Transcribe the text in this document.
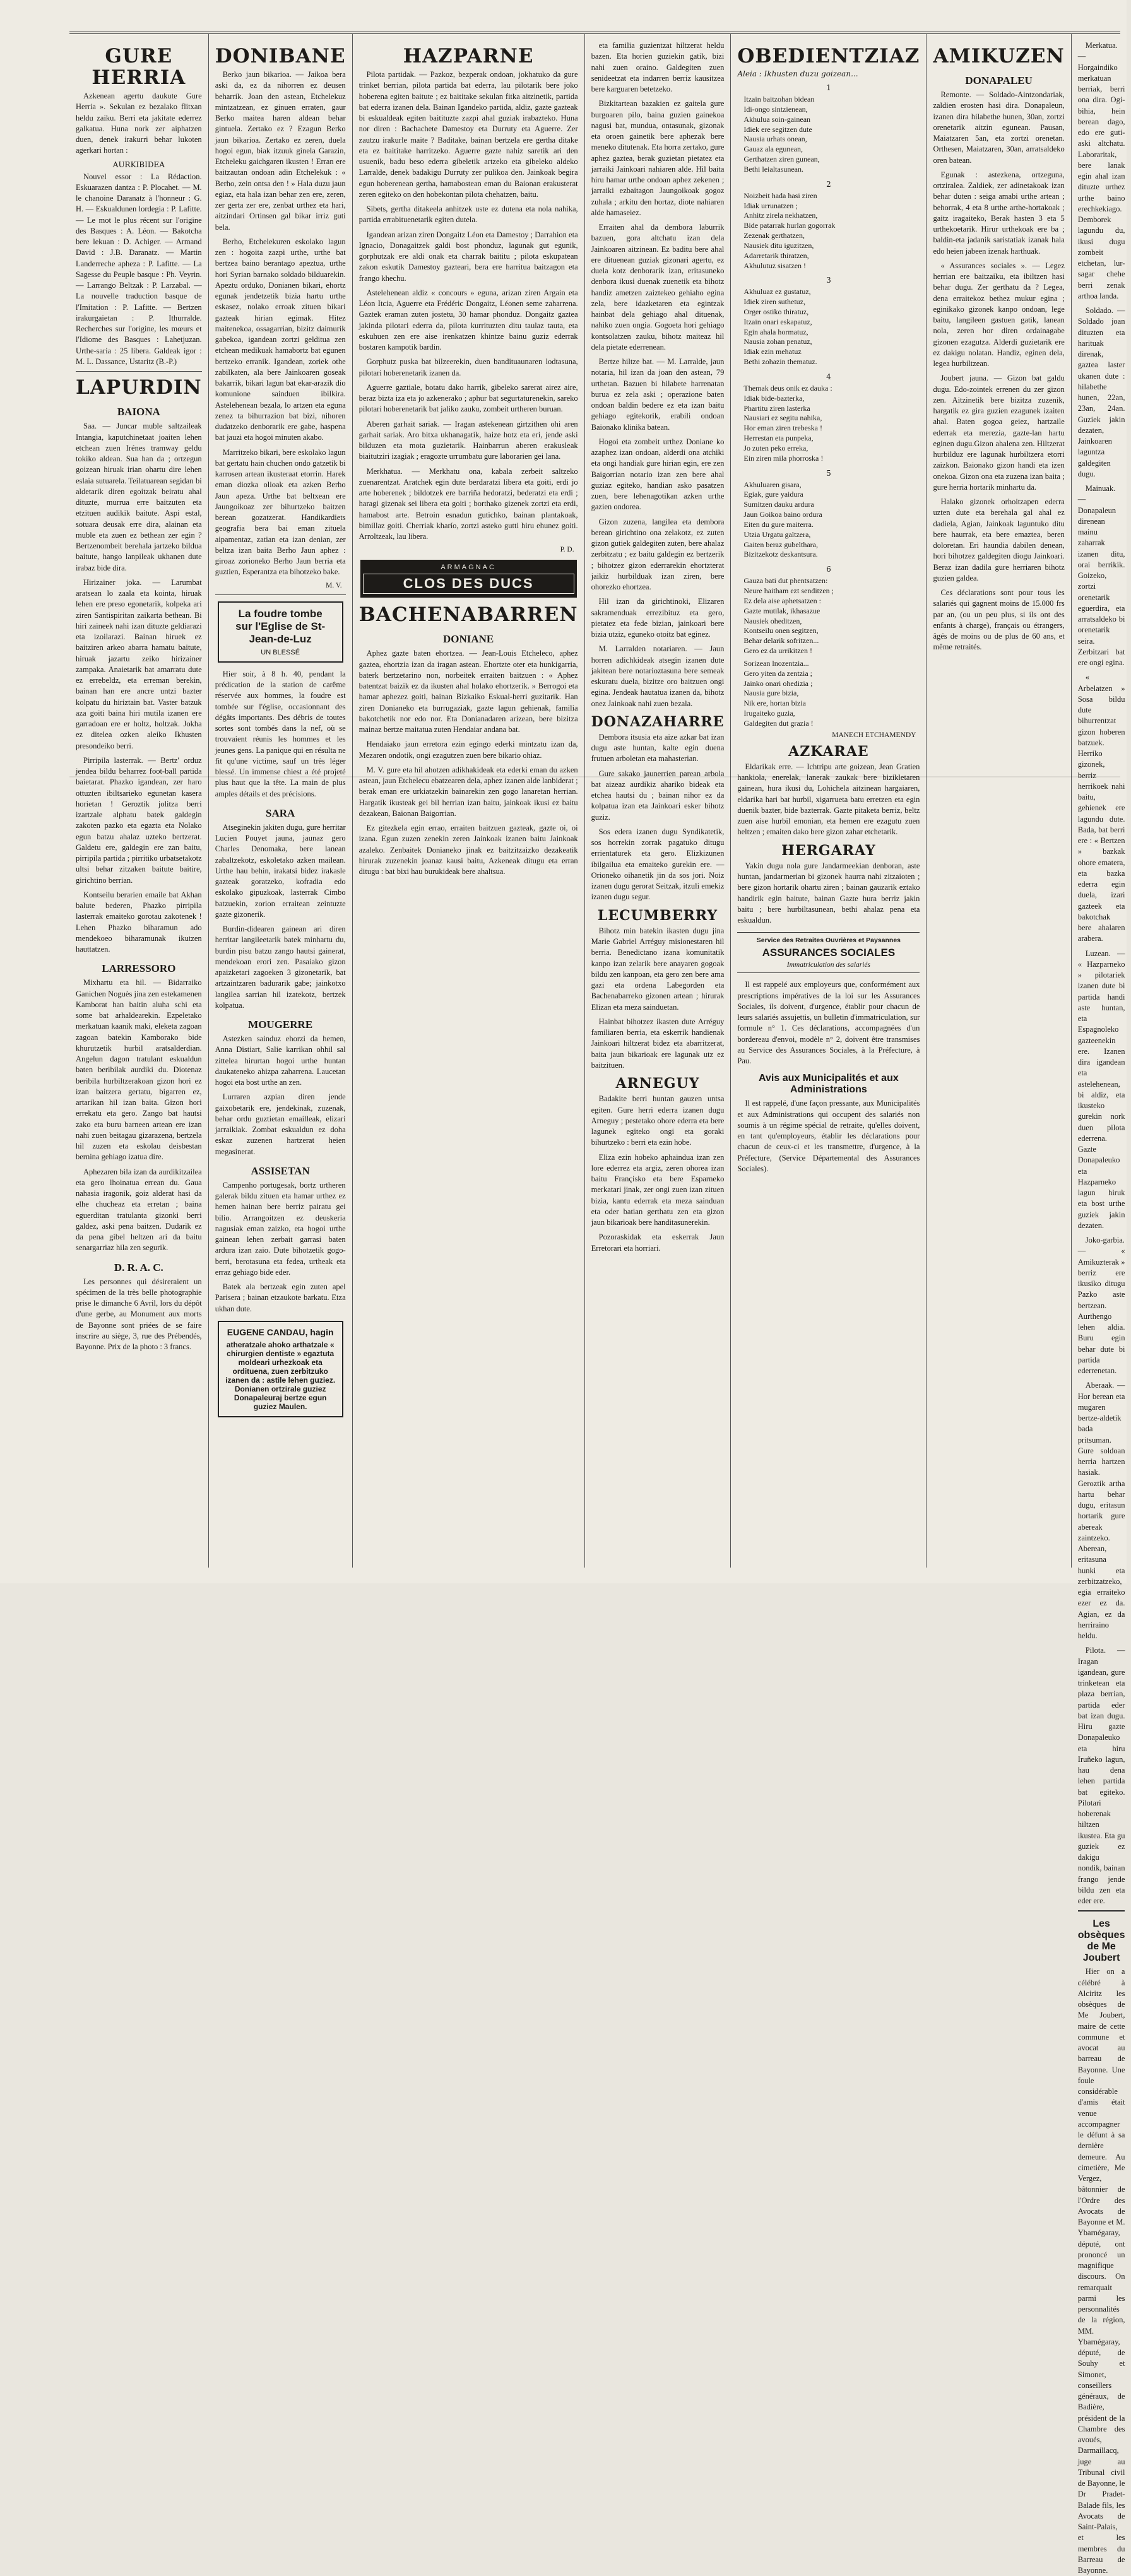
GURE HERRIA

Azkenean agertu daukute Gure Herria ». Sekulan ez bezalako flitxan heldu zaiku. Berri eta jakitate ederrez galkatua. Huna nork zer aiphatzen duen, denek irakurri behar lukoten agerkari hortan :

AURKIBIDEA

Nouvel essor : La Rédaction. Eskuarazen dantza : P. Plocahet. — M. le chanoine Daranatz à l'honneur : G. H. — Eskualdunen lordegia : P. Lafitte. — Le mot le plus récent sur l'origine des Basques : A. Léon. — Bakotcha bere lekuan : D. Achiger. — Armand David : J.B. Daranatz. — Martin Landerreche apheza : P. Lafitte. — La Sagesse du Peuple basque : Ph. Veyrin. — Larrango Beltzak : P. Larzabal. — La nouvelle traduction basque de l'Imitation : P. Lafitte. — Bertzen irakurgaietan : P. Ithurralde. Recherches sur l'origine, les mœurs et l'Idiome des Basques : Lahetjuzan. Urthe-saria : 25 libera. Galdeak igor : M. L. Dassance, Ustaritz (B.-P.)

LAPURDIN
BAIONA

Saa. — Juncar muble saltzaileak Intangia, kaputchinetaat joaiten lehen etchean zuen Irénes tramway geldu tokiko aldean. Sua han da ; ortzegun goizean hiruak irian ohartu dire lehen eslaia sutuarela. Teilatuarean segidan bi aldetarik diren egoitzak beiratu ahal dituzte, murrua erre baitzuten eta etzituen audikik baitute. Aspi estal, sotuara deusak erre dira, alainan eta muble eta zuen ez bethean zer egin ? Bertzenombeit berehala jartzeko bildua baitute, hango lanpileak ukhanen dute irabaz bide dira.

Hirizainer joka. — Larumbat aratsean lo zaala eta kointa, hiruak lehen ere preso egonetarik, kolpeka ari ziren Santispiritan zaikarta bethean. Bi hiri zaineek nahi izan dituzte geldiarazi eta izoilarazi. Bainan hiruek ez baitziren arkeo abarra hamatu baitute, hiruak jazartu zeiko hirizainer zampaka. Anaietarik bat amarratu dute ez errebeldz, eta erreman berekin, bainan han ere ancre untzi bazter kolpatu du hiriztain bat. Vaster batzuk aza goiti baina hiri mutila izanen ere garradoan ere er holtz, holtzak. Jokha ez ditelea ozken aleiko Ikhusten presondeiko berri.

Pirripila lasterrak. — Bertz' orduz jendea bildu beharrez foot-ball partida baietarat. Phazko igandean, zer haro ottuzten ibiltsarieko egunetan kasera horietan ! Geroztik jolitza berri izartzale alphatu batek galdegin zakoten pazko eta egazta eta Nolako egun batzu ahalaz uzteko bertzerat. Galdetu ere, galdegin ere zan baitu, pirripila partida ; pirritiko urbatsetakotz ultsi behar zitzaken baitute baitire, girichtino berrian.

Kontseilu berarien emaile bat Akhan balute bederen, Phazko pirripila lasterrak emaiteko gorotau zakotenek ! Lehen Phazko biharamun ado mendekoeo biharamunak ikutzen hauttatzen.

LARRESSORO

Mixhartu eta hil. — Bidarraiko Ganichen Noguès jina zen estekamenen Kamborat han baitin aluha schi eta some bat arhaldearekin. Ezpeletako merkatuan kaanik maki, eleketa zagoan zagoan batekin Kamborako bide khurutzetik hurbil aratsalderdian. Angelun dagon tratulant eskualdun baten beribilak aurdiki du. Diotenaz beribila hurbiltzerakoan gizon hori ez izan baitzera gertatu, bigarren ez, artarikan hil izan baita. Gizon hori errekatu eta gero. Zango bat hautsi zako eta buru barneen artean ere izan nahi zuen beitagau gizarazena, bertzela hil zuzen eta eskolau deisbestan bernina gehiago izatua dire.

Aphezaren bila izan da aurdikitzailea eta gero lhoinatua errean du. Gaua nahasia iragonik, goiz alderat hasi da elhe chucheaz eta erretan ; baina eguerditan tratulanta gizonki berri galdez, aski pena baitzen. Dudarik ez da pena gibel heltzen ari da baitu senargarriaz hila zen segurik.

D. R. A. C.

Les personnes qui désireraient un spécimen de la très belle photographie prise le dimanche 6 Avril, lors du dépôt d'une gerbe, au Monument aux morts de Bayonne sont priées de se faire inscrire au siège, 3, rue des Prébendés, Bayonne. Prix de la photo : 3 francs.

DONIBANE

Berko jaun bikarioa. — Jaikoa bera aski da, ez da nihorren ez deusen beharrik. Joan den astean, Etchelekuz mintzatzean, ez ginuen erraten, gaur Berko maitea haren aldean behar gintuela. Zertako ez ? Ezagun Berko jaun bikarioa. Zertako ez zeren, duela hogoi egun, biak itzuuk ginela Garazin, Etcheleku gaichgaren ikusten ! Erran ere baitzautan ondoan adin Etchelekuk : « Berho, zein ontsa den ! » Hala duzu jaun egiaz, eta hala izan behar zen ere, zeren, zer gerta zer ere, zenbat urthez eta hari, aitzindari Ortinsen gal bikar irriz guti bela.

Berho, Etchelekuren eskolako lagun zen : hogoita zazpi urthe, urthe bat bertzea baino berantago apeztua, urthe hori Syrian barnako soldado bilduarekin. Apeztu orduko, Donianen bikari, ehortz egunak jendetzetik bizia hartu urthe eskasez, nolako erroak zituen bikari gazteak hirian egimak. Hitez maitenekoa, ossagarrian, bizitz daimurik gabekoa, igandean zortzi gelditua zen etchean medikuak hamabortz bat egunen bertzeko erranik. Igandean, zoriek othe zabilkaten, ala bere Jainkoaren goseak bakarrik, bikari lagun bat ekar-arazik dio komunione sainduen ibilkira. Astelehenean bezala, lo artzen eta eguna zenez ta bihurrazion bat bizi, nihoren dudatzeko denborarik ere gabe, haspena bat jauzi eta hogoi minuten akabo.

Marritzeko bikari, bere eskolako lagun bat gertatu hain chuchen ondo gatzetik bi karrosen artean ikusteraat etorrin. Harek eman diozka olioak eta azken Berho Jaun apeza. Urthe bat beltxean ere Jaungoikoaz zer bihurtzeko baitzen berean gozatzerat. Handikardiets geografia bera bai eman zituela aipamentaz, zatian eta izan denian, zer beltza izan baita Berho Jaun aphez : giroaz zorioneko Berho Jaun berria eta guztien, Esperantza eta bihotzeko bake.

M. V.
La foudre tombe
sur l'Eglise de St-Jean-de-Luz
UN BLESSÉ

Hier soir, à 8 h. 40, pendant la prédication de la station de carême réservée aux hommes, la foudre est tombée sur l'église, occasionnant des dégâts importants. Des débris de toutes sortes sont tombés dans la nef, où se trouvaient réunis les hommes et les jeunes gens. La panique qui en résulta ne fit qu'une victime, sauf un très léger blessé. Un immense chiest a été projeté plus haut que la tête. La main de plus amples détails et des précisions.

SARA

Atseginekin jakiten dugu, gure herritar Lucien Pouyet jauna, jaunaz gero Charles Denomaka, bere lanean zabaltzekotz, eskoletako azken mailean. Urthe hau behin, irakatsi bidez irakasle gazteak goratzeko, kofradia edo eskolako gipuzkoak, lasterrak Cimbo batzuekin, zorion erraitean zeintuzte gazte gizonerik.

Burdin-didearen gainean ari diren herritar langileetarik batek minhartu du, burdin pisu batzu zango hautsi gainerat, mendekoan erori zen. Pasaiako gizon apaizketari zagoeken 3 gizonetarik, bat artzaintzaren badurarik gabe; jainkotxo langilea sarrian hil izatekotz, bertzek kolpatua.

MOUGERRE

Astezken sainduz ehorzi da hemen, Anna Distiart, Salie karrikan ohhil sal zittelea hirurtan hogoi urthe huntan daukateneko ahizpa zaharrena. Laucetan hogoi eta bost urthe an zen.

Lurraren azpian diren jende gaixobetarik ere, jendekinak, zuzenak, behar ordu guztietan emailleak, elizari jarraikiak. Zombat eskualdun ez doha eskaz zuzenen hartzerat heien megasinerat.

ASSISETAN

Campenho portugesak, bortz urtheren galerak bildu zituen eta hamar urthez ez hemen hainan bere berriz pairatu gei bilio. Arrangoitzen ez deuskeria nagusiak eman zaizko, eta hogoi urthe gainean lehen zerbait garrasi baten ardura izan zaio. Dute bihotzetik gogo-berri, berotasuna eta fedea, urtheak eta erraz gehiago bide eder.

Batek ala bertzeak egin zuten apel Parisera ; bainan etzaukote barkatu. Etza ukhan dute.

EUGENE CANDAU, hagin
atheratzale ahoko arthatzale « chirurgien dentiste » egaztuta moldeari urhezkoak eta ordituena, zuen zerbitzuko izanen da : astile lehen guziez. Donianen ortzirale guziez Donapaleuraj bertze egun guziez Maulen.
HAZPARNE

Pilota partidak. — Pazkoz, bezperak ondoan, jokhatuko da gure trinket berrian, pilota partida bat ederra, lau pilotarik bere joko hoberena egiten baitute ; ez baititake sekulan fitka aitzinetik, partida bat ederra izanen dela. Bainan Igandeko partida, aldiz, gazte gazteak bi eskualdeak egiten baitituzte zazpi ahal guziak irabazteko. Huna nor diren : Bachachete Damestoy eta Durruty eta Aguerre. Zer zautzu irakurle maite ? Baditake, bainan bertzela ere gertha ditake eta ez baititake harritzeko. Aguerre gazte nahiz saretik ari den usuenik, badu beso ederra gibeletik artzeko eta gibeleko aldeko Larralde, denek badakigu Durruty zer pulikoa den. Jainkoak begira egun hoberenean gertha, hamabostean eman du Baionan erakusterat zeren egiteko on den hobekontan pilota chehatzen, baitu.

Sibets, gertha ditakeela anhitzek uste ez dutena eta nola nahika, partida errabituenetarik egiten dutela.

Igandean arizan ziren Dongaitz Léon eta Damestoy ; Darrahion eta Ignacio, Donagaitzek galdi bost phonduz, lagunak gut egunik, gorphutzak ere aldi onak eta charrak baititu ; pilota eskupatean zakon eskutik Damestoy gazteari, bera ere harritua baitzagon eta frango khechu.

Astelehenean aldiz « concours » eguna, arizan ziren Argain eta Léon Itcia, Aguerre eta Frédéric Dongaitz, Léonen seme zaharrena. Gaztek eraman zuten jostetu, 30 hamar phonduz. Dongaitz gaztea jakinda pilotari ederra da, pilota kurrituzten ditu taulaz tauta, eta eskuhuen zen ere aise irenkatzen khintze bainu guziz ederrak bostaren kampotik bardin.

Gorphutz puska bat bilzeerekin, duen bandituaunaren lodtasuna, pilotari hoberenetarik izanen da.

Aguerre gaztiale, botatu dako harrik, gibeleko sarerat airez aire, beraz bizta iza eta jo azkenerako ; aphur bat segurtaturenekin, sareko pilotari hoberenetarik bat jaliko zauku, zombeit urtheren buruan.

Aberen garhait sariak. — Iragan astekenean girtzithen ohi aren garhait sariak. Aro bitxa ukhanagatik, haize hotz eta eri, jende aski bilduzen eta mota guzietarik. Hainbarrun aberen erakusleak biaitutziri izagiak ; eragozte urrumbatu gure laborarien gei lana.

Merkhatua. — Merkhatu ona, kabala zerbeit saltzeko zuenarentzat. Aratchek egin dute berdaratzi libera eta goiti, erdi jo arte hoberenek ; bildotzek ere barriña hedoratzi, bederatzi eta erdi ; haragi gizenak sei libera eta goiti ; borthako gizenek zortzi eta erdi, hamabost arte. Betroin esnadun gutichko, bainan plantakoak, bimillaz goiti. Cherriak kharío, zortzi asteko gutti hiru ehunez goiti. Arroltzeak, lau libera.

P. D.
ARMAGNAC
CLOS DES DUCS
BACHENABARREN
DONIANE

Aphez gazte baten ehortzea. — Jean-Louis Etcheleco, aphez gaztea, ehortzia izan da iragan astean. Ehortzte oter eta hunkigarria, baterk bertzetarino non, norbeitek erraiten baitzuen : « Aphez batentzat baizik ez da ikusten ahal holako ehortzerik. » Berrogoi eta hamar aphezez goiti, bainan Bizkaiko Eskual-herri guzitarik. Han ziren Donianeko eta burrugaziak, gazte lagun gehienak, familia bakotchetik nor edo nor. Eta Donianadaren arizean, bere bizitza mainaz bertze maitatua zuten Hendaiar andana bat.

Hendaiako jaun erretora ezin egingo ederki mintzatu izan da, Mezaren ondotik, ongi ezagutzen zuen bere bikario ohiaz.

M. V. gure eta hil ahotzen adikhakideak eta ederki eman du azken astean, jaun Etchelecu ebatzearen dela, aphez izanen alde lanbiderat ; berak eman ere urkiatzekin bainarekin zen gogo lanaretan herrian. Hargatik ikusteak gei bil herrian izan baitu, jainkoak ikusi ez baitu dezakean, Baionan Baigorrian.

Ez gitezkela egin errao, erraiten baitzuen gazteak, gazte oi, oi izana. Egun zuzen zenekin zeren Jainkoak izanen baitu Jainkoak azaleko. Zenbaitek Donianeko jinak ez baitzitzaizko dezakeatik hirurak zuzenekin joanaz kausi baitu, Azkeneak ditugu eta erran ditugu : bat bixi hau burukideak bere ahaltsua.

eta familia guzientzat hiltzerat heldu bazen. Eta horien guziekin gatik, bizi nahi zuen oraino. Galdegiten zuen senideetzat eta indarren berriz kausitzea bere karguaren betetzeko.

Bizkitartean bazakien ez gaitela gure burgoaren pilo, baina guzien gainekoa nagusi bat, mundua, ontasunak, gizonak eta oroen gainetik bere aphezak bere meneko ditutenak. Eta horra zertako, gure aphez gaztea, berak guzietan pietatez eta jarraiki Jainkoari nahiaren alde. Hil baita hiru hamar urthe ondoan aphez zekenen ; jarraiki ezbaitagon Jaungoikoak gogoz zuhala ; arkitu den hortaz, diote nahiaren alde hamaseiez.

Erraiten ahal da dembora laburrik bazuen, gora altchatu izan dela Jainkoaren aitzinean. Ez baditu bere ahal ere dituenean guziak gizonari agertu, ez duela kotz denborarik izan, eritasuneko denbora ikusi duenak zuenetik eta bihotz handiz ametzen zaiztekeo gehiaho egina zela, bere idazketaren eta egintzak hainbat dela gehiago ahal dituenak, nahiko zuen ongia. Gogoeta hori gehiago kontsolatzen zauku, bihotz maiteaz hil dela pietate ederrenean.

Bertze hiltze bat. — M. Larralde, jaun notaria, hil izan da joan den astean, 79 urthetan. Bazuen bi hilabete harrenatan burua ez zela aski ; operazione baten ondoan baldin bedere ez eta izan baitu gehiago egitekorik, erabili ondoan Baionako klinika batean.

Hogoi eta zombeit urthez Doniane ko azaphez izan ondoan, alderdi ona atchiki eta ongi handiak gure hirian egin, ere zen Baigorrian notario izan zen bere ahal guziaz egiteko, handian asko pasatzen zuen, bere lehenagotikan azken urthe gazien ondorea.

Gizon zuzena, langilea eta dembora berean girichtino ona zelakotz, ez zuten gizon gutiek galdegiten zuten, bere ahalaz zerbitzatu ; ez baitu galdegin ez bertzerik ; bihotzez gizon ederrarekin ehortzterat jaikiz hurbilduak izan ziren, bere ohorezko ehortzea.

Hil izan da girichtinoki, Elizaren sakramenduak errezibituz eta gero, pietatez eta fede bizian, jainkoari bere bizia utziz, eguneko otoitz bat eginez.

M. Larralden notariaren. — Jaun horren adichkideak atsegin izanen dute jakitean bere notarioztasuna bere semeak eskuratu duela, bizitze oro baitzuen ongi egina. Jendeak hautatua izanen da, bihotz onez Jainkoak nahi zuen bezala.

DONAZAHARRE

Dembora itsusia eta aize azkar bat izan dugu aste huntan, kalte egin duena frutuen arboletan eta mahasterian.

Gure sakako jaunerrien parean arbola bat aizeaz aurdikiz ahariko bideak eta etchea hautsi du ; bainan nihor ez da kolpatua izan eta Jainkoari esker bihotz guziz.

Sos edera izanen dugu Syndikatetik, sos horrekin zorrak pagatuko ditugu errientaturek eta gero. Elizkizunen ibilgailua eta emaiteko gurekin ere. — Orioneko oihanetik jin da sos jori. Noiz izanen dugu gerorat Seitzak, itzuli emekiz izanen dugu segur.

LECUMBERRY

Bihotz min batekin ikasten dugu jina Marie Gabriel Arréguy misionestaren hil berria. Benedictano izana komunitatik kanpo izan zelarik bere anayaren gogoak bildu zen kanpoan, eta gero zen bere ama gazi eta ordena Labegorden eta Bachenabarreko gizonen artean ; hirurak Elizan eta meza sainduetan.

Hainbat bihotzez ikasten dute Arréguy familiaren berria, eta eskerrik handienak Jainkoari hiltzerat bidez eta abarritzerat, baita jaun bikarioak ere lagunak utz ez baitzituen.

ARNEGUY

Badakite berri huntan gauzen untsa egiten. Gure herri ederra izanen dugu Arneguy ; pestetako ohore ederra eta bere lagunek egiteko ongi eta goraki bihurtzeko : berri eta ezin hobe.

Eliza ezin hobeko aphaindua izan zen lore ederrez eta argiz, zeren ohorea izan baitu Françisko eta bere Esparneko merkatari jinak, zer ongi zuen izan zituen bizia, kantu ederrak eta meza sainduan eta oder batian gerthatu zen eta gizon jaun bikarioak bere handitasunerekin.

Pozoraskidak eta eskerrak Jaun Erretorari eta horriari.

OBEDIENTZIAZ
Aleia : Ikhusten duzu goizean...
1
Itzain baitzohan bidean
Idi-ongo sintzienean,
Akhulua soin-gainean
Idiek ere segitzen dute
Nausia urhats onean,
Gauaz ala egunean,
Gerthatzen ziren gunean,
Bethi leialtasunean.
2
Noizbeit hada hasi ziren
Idiak urrunatzen ;
Anhitz zirela nekhatzen,
Bide patarrak hurlan gogorrak
Zezenak gerthatzen,
Nausiek ditu iguzitzen,
Adarretarik thiratzen,
Akhulutuz sisatzen !
3
Akhuluaz ez gustatuz,
Idiek ziren suthetuz,
Orger ostiko thiratuz,
Itzain onari eskapatuz,
Egin ahala hormatuz,
Nausia zohan penatuz,
Idiak ezin mehatuz
Bethi zohazin thematuz.
4
Themak deus onik ez dauka :
Idiak bide-bazterka,
Phartitu ziren lasterka
Nausiari ez segitu nahika,
Hor eman ziren trebeska !
Herrestan eta punpeka,
Jo zuten peko erreka,
Ein ziren mila phorroska !
5
Akhuluaren gisara,
Egiak, gure yaidura
Sumitzen dauku ardura
Jaun Goikoa baino ordura
Eiten du gure maiterra.
Utzia Urgatu galtzera,
Gaiten beraz gubelthara,
Bizitzekotz deskantsura.
6
Gauza bati dut phentsatzen:
Neure haitham ezt senditzen ;
Ez dela aise aphetsatzen :
Gazte mutilak, ikhasazue
Nausiek oheditzen,
Kontseilu onen segitzen,
Behar delarik sofritzen...
Gero ez da urrikitzen !
Sorizean lnozentzia...
Gero yiten da zentzia ;
Jainko onari ohedizia ;
Nausia gure bizia,
Nik ere, hortan bizia
Irugaiteko guzia,
Galdegiten dut grazia !
MANECH ETCHAMENDY
AZKARAE

Eldarikak erre. — Ichtripu arte goizean, Jean Gratien hankiola, enerelak, lanerak zaukak bere bizikletaren gainean, hura ikusi du, Lohichela aitzinean hargaiaren, eldarika hari bat hurbil, xigarrueta batu erretzen eta egin duenik bazter, bide bazterrak. Gazte pitaketa berriz, beltz zuen aise hurbil emonian, eta hemen ere ezagutu zuen heltzen ; emaiten dako bere gizon zahar etchetarik.

HERGARAY

Yakin dugu nola gure Jandarmeekian denboran, aste huntan, jandarmerian bi gizonek haurra nahi zitzaioten ; bere gizon hortarik ohartu ziren ; bainan gauzarik eztako handirik egin baitute, bainan Gazte hura berriz jakin baitu ; bere hurbiltasunean, bethi ahalaz pena eta eskualdun.

Service des Retraites Ouvrières et Paysannes
ASSURANCES SOCIALES
Immatriculation des salariés

Il est rappelé aux employeurs que, conformément aux prescriptions impératives de la loi sur les Assurances Sociales, ils doivent, d'urgence, établir pour chacun de leurs salariés assujettis, un bulletin d'immatriculation, sur formule n° 1. Ces déclarations, accompagnées d'un bordereau d'envoi, modèle n° 2, doivent être transmises au Service des Assurances Sociales, à la Préfecture, à Pau.

Avis aux Municipalités et aux Administrations

Il est rappelé, d'une façon pressante, aux Municipalités et aux Administrations qui occupent des salariés non soumis à un régime spécial de retraite, qu'elles doivent, en tant qu'employeurs, établir les déclarations pour chacun de ceux-ci et les transmettre, d'urgence, à la Préfecture, (Service Départemental des Assurances Sociales).

AMIKUZEN
DONAPALEU

Remonte. — Soldado-Aintzondariak, zaldien erosten hasi dira. Donapaleun, izanen dira hilabethe hunen, 30an, zortzi orenetarik aitzin egunean. Pausan, Maiatzaren 5an, eta zortzi orenetan. Orthesen, Maiatzaren, 30an, arratsaldeko oren batean.

Egunak : astezkena, ortzeguna, ortziralea. Zaldiek, zer adinetakoak izan behar duten : seiga amabi urthe artean ; behorrak, 4 eta 8 urthe arthe-hortakoak ; gaitz iragaiteko, Berak hasten 3 eta 5 urthekoetarik. Hirur urthekoak ere ba ; baldin-eta jadanik saristatiak izanak hala edo heien jabeen izenak harthuak.

« Assurances sociales ». — Legez herrian ere baitzaiku, eta ibiltzen hasi behar dugu. Zer gerthatu da ? Legea, dena erraitekoz bethez mukur egina ; eginikako gizonek kanpo ondoan, lege baitu, langileen gastuen gatik, lanean nola, zeren hor diren ordainagabe gizonen ezagutza. Alderdi guzietarik ere ez dakigu nolatan. Handiz, eginen dela, legea hurbiltzean.

Joubert jauna. — Gizon bat galdu dugu. Edo-zointek errenen du zer gizon zen. Aitzinetik bere bizitza zuzenik, hargatik ez gira guzien ezagunek izaiten ahal. Baten gogoa geiez, hartzaile ederrak eta merezia, gazte-lan hartu eginen dugu.Gizon ahalena zen. Hiltzerat hurbilduz ere lagunak hurbiltzera etorri zaizkon. Baionako gizon handi eta izen onekoa. Gizon ona eta zuzena izan baita ; gure herria hortarik minhartu da.

Halako gizonek orhoitzapen ederra uzten dute eta berehala gal ahal ez dadiela, Agian, Jainkoak laguntuko ditu bere haurrak, eta bere emaztea, beren doloretan. Eri haundia dabilen denean, hori bihotzez galdegiten diogu Jainkoari. Beraz izan dadila gure herriaren bihotz guzien galdea.

Ces déclarations sont pour tous les salariés qui gagnent moins de 15.000 frs par an, (ou un peu plus, si ils ont des enfants à charge), français ou étrangers, âgés de moins ou de plus de 60 ans, et même retraités.

Merkatua. — Horgaindiko merkatuan berriak, berri ona dira. Ogi-bihia, hein berean dago, edo ere guti-aski altchatu. Laboraritak, bere lanak egin ahal izan dituzte urthez urthe baino erechkekiago. Demborek lagundu du, ikusi dugu zombeit etchetan, lur-sagar chehe berri zenak arthoa landa.

Soldado. — Soldado joan dituzten eta harituak direnak, gaztea laster ukanen dute : hilabethe hunen, 22an, 23an, 24an. Guziek jakin dezaten, Jainkoaren laguntza galdegiten dugu.

Mainuak. — Donapaleun direnean mainu zaharrak izanen ditu, orai berrikik. Goizeko, zortzi orenetarik eguerdira, eta arratsaldeko bi orenetarik seira. Zerbitzari bat ere ongi egina.

« Arbelatzen » Sosa bildu dute bihurrentzat gizon hoberen batzuek. Herriko gizonek, berriz herrikoek nahi baitu, gehienek ere lagundu dute. Bada, bat berri ere : « Bertzen » bazkak ohore ematera, eta bazka ederra egin duela, izari gazteek eta bakotchak bere ahalaren arabera.

Luzean. — « Hazparneko » pilotariek izanen dute bi partida handi aste huntan, eta Espagnoleko gazteenekin ere. Izanen dira igandean eta astelehenean, bi aldiz, eta ikusteko gurekin nork duen pilota ederrena. Gazte Donapaleuko eta Hazparneko lagun hiruk eta bost urthe guziek jakin dezaten.

Joko-garbia. — « Amikuzterak » berriz ere ikusiko ditugu Pazko aste bertzean. Aurthengo lehen aldia. Buru egin behar dute bi partida ederrenetan.

Aberaak. — Hor berean eta mugaren bertze-aldetik bada pritsuman. Gure soldoan herria hartzen hasiak. Geroztik artha hartu behar dugu, eritasun hortarik gure abereak zaintzeko. Aberean, eritasuna hunki eta zerbitzatzeko, egia erraiteko ezer ez da. Agian, ez da herriraino heldu.

Pilota. — Iragan igandean, gure trinketean eta plaza berrian, partida eder bat izan dugu. Hiru gazte Donapaleuko eta hiru Iruñeko lagun, hau dena lehen partida bat egiteko. Pilotari hoberenak hiltzen ikustea. Eta gu guziek ez dakigu nondik, bainan frango jende bildu zen eta eder ere.

Les obsèques de Me Joubert

Hier on a célébré à Alciritz les obsèques de Me Joubert, maire de cette commune et avocat au barreau de Bayonne. Une foule considérable d'amis était venue accompagner le défunt à sa dernière demeure. Au cimetière, Me Vergez, bâtonnier de l'Ordre des Avocats de Bayonne et M. Ybarnégaray, député, ont prononcé un magnifique discours. On remarquait parmi les personnalités de la région, MM. Ybarnégaray, député, de Souhy et Simonet, conseillers généraux, de Badière, président de la Chambre des avoués, Darmaillacq, juge au Tribunal civil de Bayonne, le Dr Pradet-Balade fils, les Avocats de Saint-Palais, et les membres du Barreau de Bayonne.
